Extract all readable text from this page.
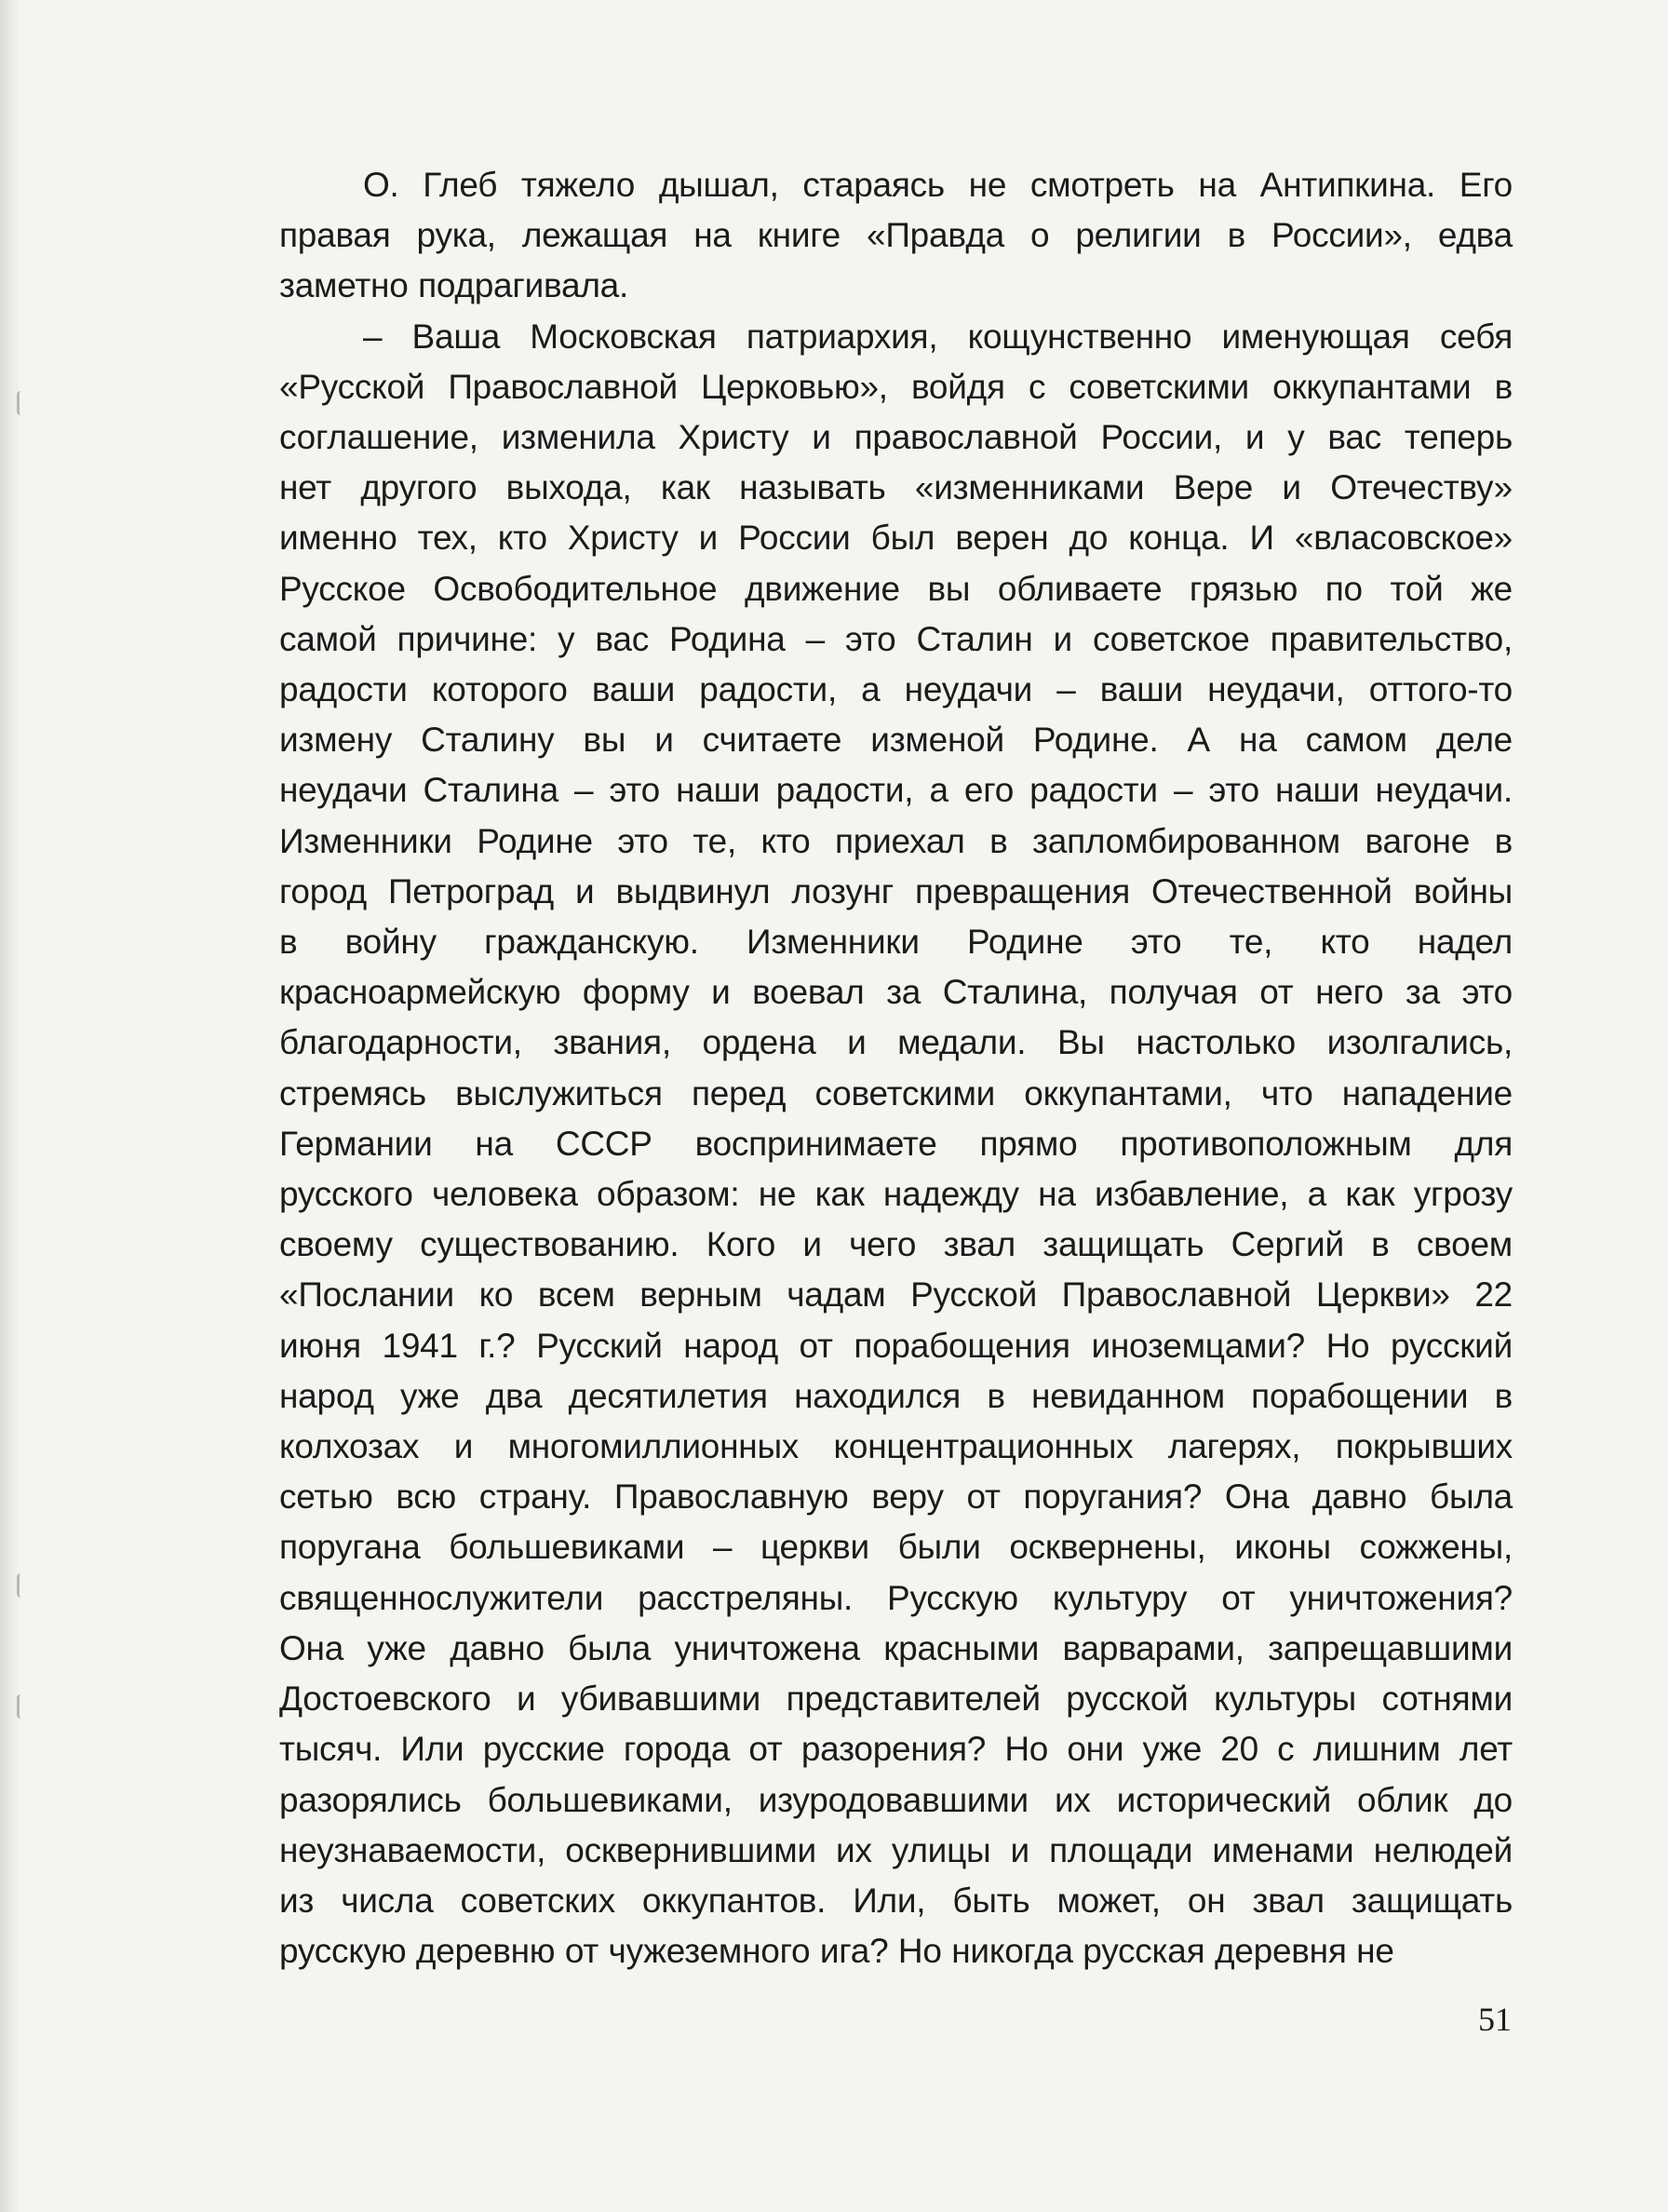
О. Глеб тяжело дышал, стараясь не смотреть на Антипкина. Его
правая рука, лежащая на книге «Правда о религии в России», едва
заметно подрагивала.
– Ваша Московская патриархия, кощунственно именующая себя
«Русской Православной Церковью», войдя с советскими оккупантами в
соглашение, изменила Христу и православной России, и у вас теперь
нет другого выхода, как называть «изменниками Вере и Отечеству»
именно тех, кто Христу и России был верен до конца. И «власовское»
Русское Освободительное движение вы обливаете грязью по той же
самой причине: у вас Родина – это Сталин и советское правительство,
радости которого ваши радости, а неудачи – ваши неудачи, оттого-то
измену Сталину вы и считаете изменой Родине. А на самом деле
неудачи Сталина – это наши радости, а его радости – это наши неудачи.
Изменники Родине это те, кто приехал в запломбированном вагоне в
город Петроград и выдвинул лозунг превращения Отечественной войны
в войну гражданскую. Изменники Родине это те, кто надел
красноармейскую форму и воевал за Сталина, получая от него за это
благодарности, звания, ордена и медали. Вы настолько изолгались,
стремясь выслужиться перед советскими оккупантами, что нападение
Германии на СССР воспринимаете прямо противоположным для
русского человека образом: не как надежду на избавление, а как угрозу
своему существованию. Кого и чего звал защищать Сергий в своем
«Послании ко всем верным чадам Русской Православной Церкви» 22
июня 1941 г.? Русский народ от порабощения иноземцами? Но русский
народ уже два десятилетия находился в невиданном порабощении в
колхозах и многомиллионных концентрационных лагерях, покрывших
сетью всю страну. Православную веру от поругания? Она давно была
поругана большевиками – церкви были осквернены, иконы сожжены,
священнослужители расстреляны. Русскую культуру от уничтожения?
Она уже давно была уничтожена красными варварами, запрещавшими
Достоевского и убивавшими представителей русской культуры сотнями
тысяч. Или русские города от разорения? Но они уже 20 с лишним лет
разорялись большевиками, изуродовавшими их исторический облик до
неузнаваемости, осквернившими их улицы и площади именами нелюдей
из числа советских оккупантов. Или, быть может, он звал защищать
русскую деревню от чужеземного ига? Но никогда русская деревня не
51
